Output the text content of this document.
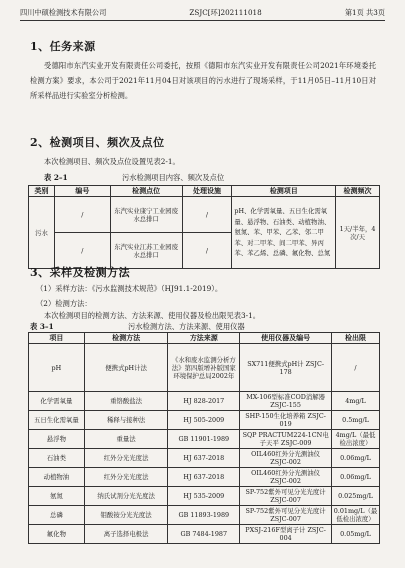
四川中硕检测技术有限公司	ZSJC[环]202111018	第1页 共3页
1、任务来源
受德阳市东汽实业开发有限责任公司委托，按照《德阳市东汽实业开发有限责任公司2021年环境委托检测方案》要求，本公司于2021年11月04日对该项目的污水进行了现场采样，于11月05日–11月10日对所采样品进行实验室分析检测。
2、检测项目、频次及点位
本次检测项目、频次及点位设置见表2-1。
表 2–1	污水检测项目内容、频次及点位
类别	编号	检测点位	处理设施	检测项目	检测频次
污水	/	东汽实业康宁工业园废水总排口	/	pH、化学需氧量、五日生化需氧量、悬浮物、石油类、动植物油、氨氮、苯、甲苯、乙苯、邻二甲苯、对二甲苯、间二甲苯、异丙苯、苯乙烯、总磷、氟化物、总氮	1天/半年，4次/天
	/	东汽实业江苏工业园废水总排口	/		
3、采样及检测方法
（1）采样方法：《污水监测技术规范》（HJ91.1-2019）。
（2）检测方法：
本次检测项目的检测方法、方法来源、使用仪器及检出限见表3-1。
表 3–1	污水检测方法、方法来源、使用仪器
项目	检测方法	方法来源	使用仪器及编号	检出限
pH	便携式pH计法	《水和废水监测分析方法》第四版增补版国家环境保护总局2002年	SX711便携式pH计 ZSJC-178	/
化学需氧量	重铬酸盐法	HJ 828-2017	MX-106型标准COD消解器 ZSJC-155	4mg/L
五日生化需氧量	稀释与接种法	HJ 505-2009	SHP-150生化培养箱 ZSJC-019	0.5mg/L
悬浮物	重量法	GB 11901-1989	SQP PRACTUM224-1CN电子天平 ZSJC-009	4mg/L（最低检出浓度）
石油类	红外分光光度法	HJ 637-2018	OIL460红外分光测油仪 ZSJC-002	0.06mg/L
动植物油	红外分光光度法	HJ 637-2018	OIL460红外分光测油仪 ZSJC-002	0.06mg/L
氨氮	纳氏试剂分光光度法	HJ 535-2009	SP-752紫外可见分光光度计 ZSJC-007	0.025mg/L
总磷	钼酸铵分光光度法	GB 11893-1989	SP-752紫外可见分光光度计 ZSJC-007	0.01mg/L（最低检出浓度）
氟化物	离子选择电极法	GB 7484-1987	PXSJ-216F型离子计 ZSJC-004	0.05mg/L
